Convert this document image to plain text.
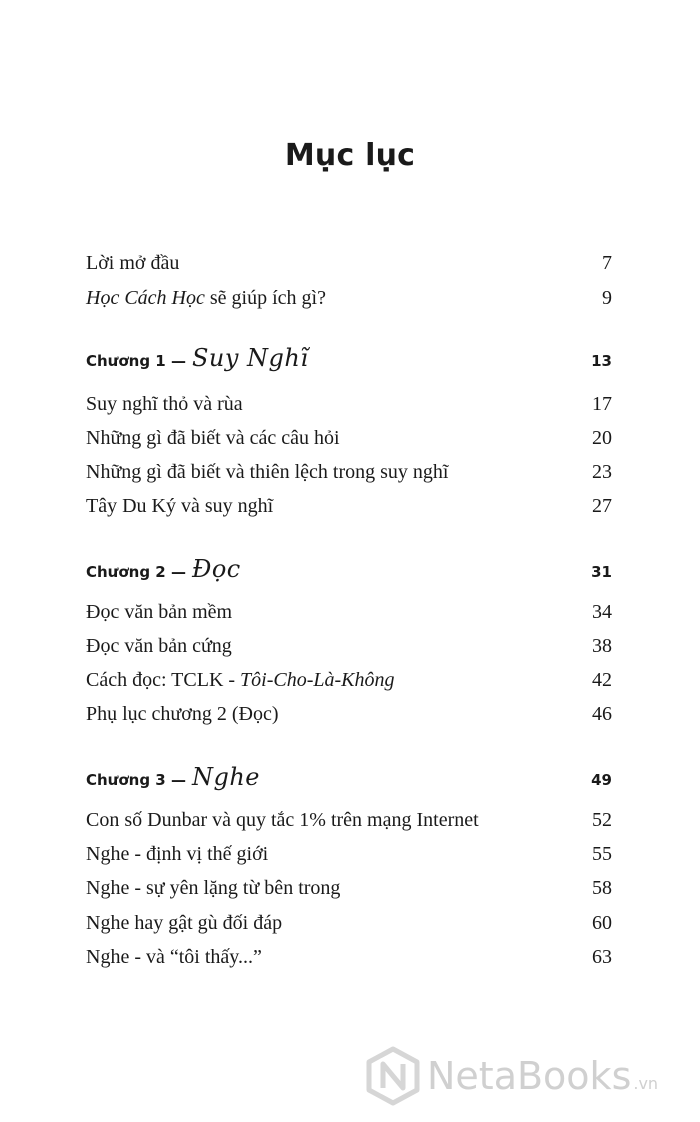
Mục lục
Lời mở đầu	7
Học Cách Học sẽ giúp ích gì?	9
Chương 1 — Suy Nghĩ	13
Suy nghĩ thỏ và rùa	17
Những gì đã biết và các câu hỏi	20
Những gì đã biết và thiên lệch trong suy nghĩ	23
Tây Du Ký và suy nghĩ	27
Chương 2 — Đọc	31
Đọc văn bản mềm	34
Đọc văn bản cứng	38
Cách đọc: TCLK - Tôi-Cho-Là-Không	42
Phụ lục chương 2 (Đọc)	46
Chương 3 — Nghe	49
Con số Dunbar và quy tắc 1% trên mạng Internet	52
Nghe - định vị thế giới	55
Nghe - sự yên lặng từ bên trong	58
Nghe hay gật gù đối đáp	60
Nghe - và “tôi thấy...”	63
NetaBooks .vn
